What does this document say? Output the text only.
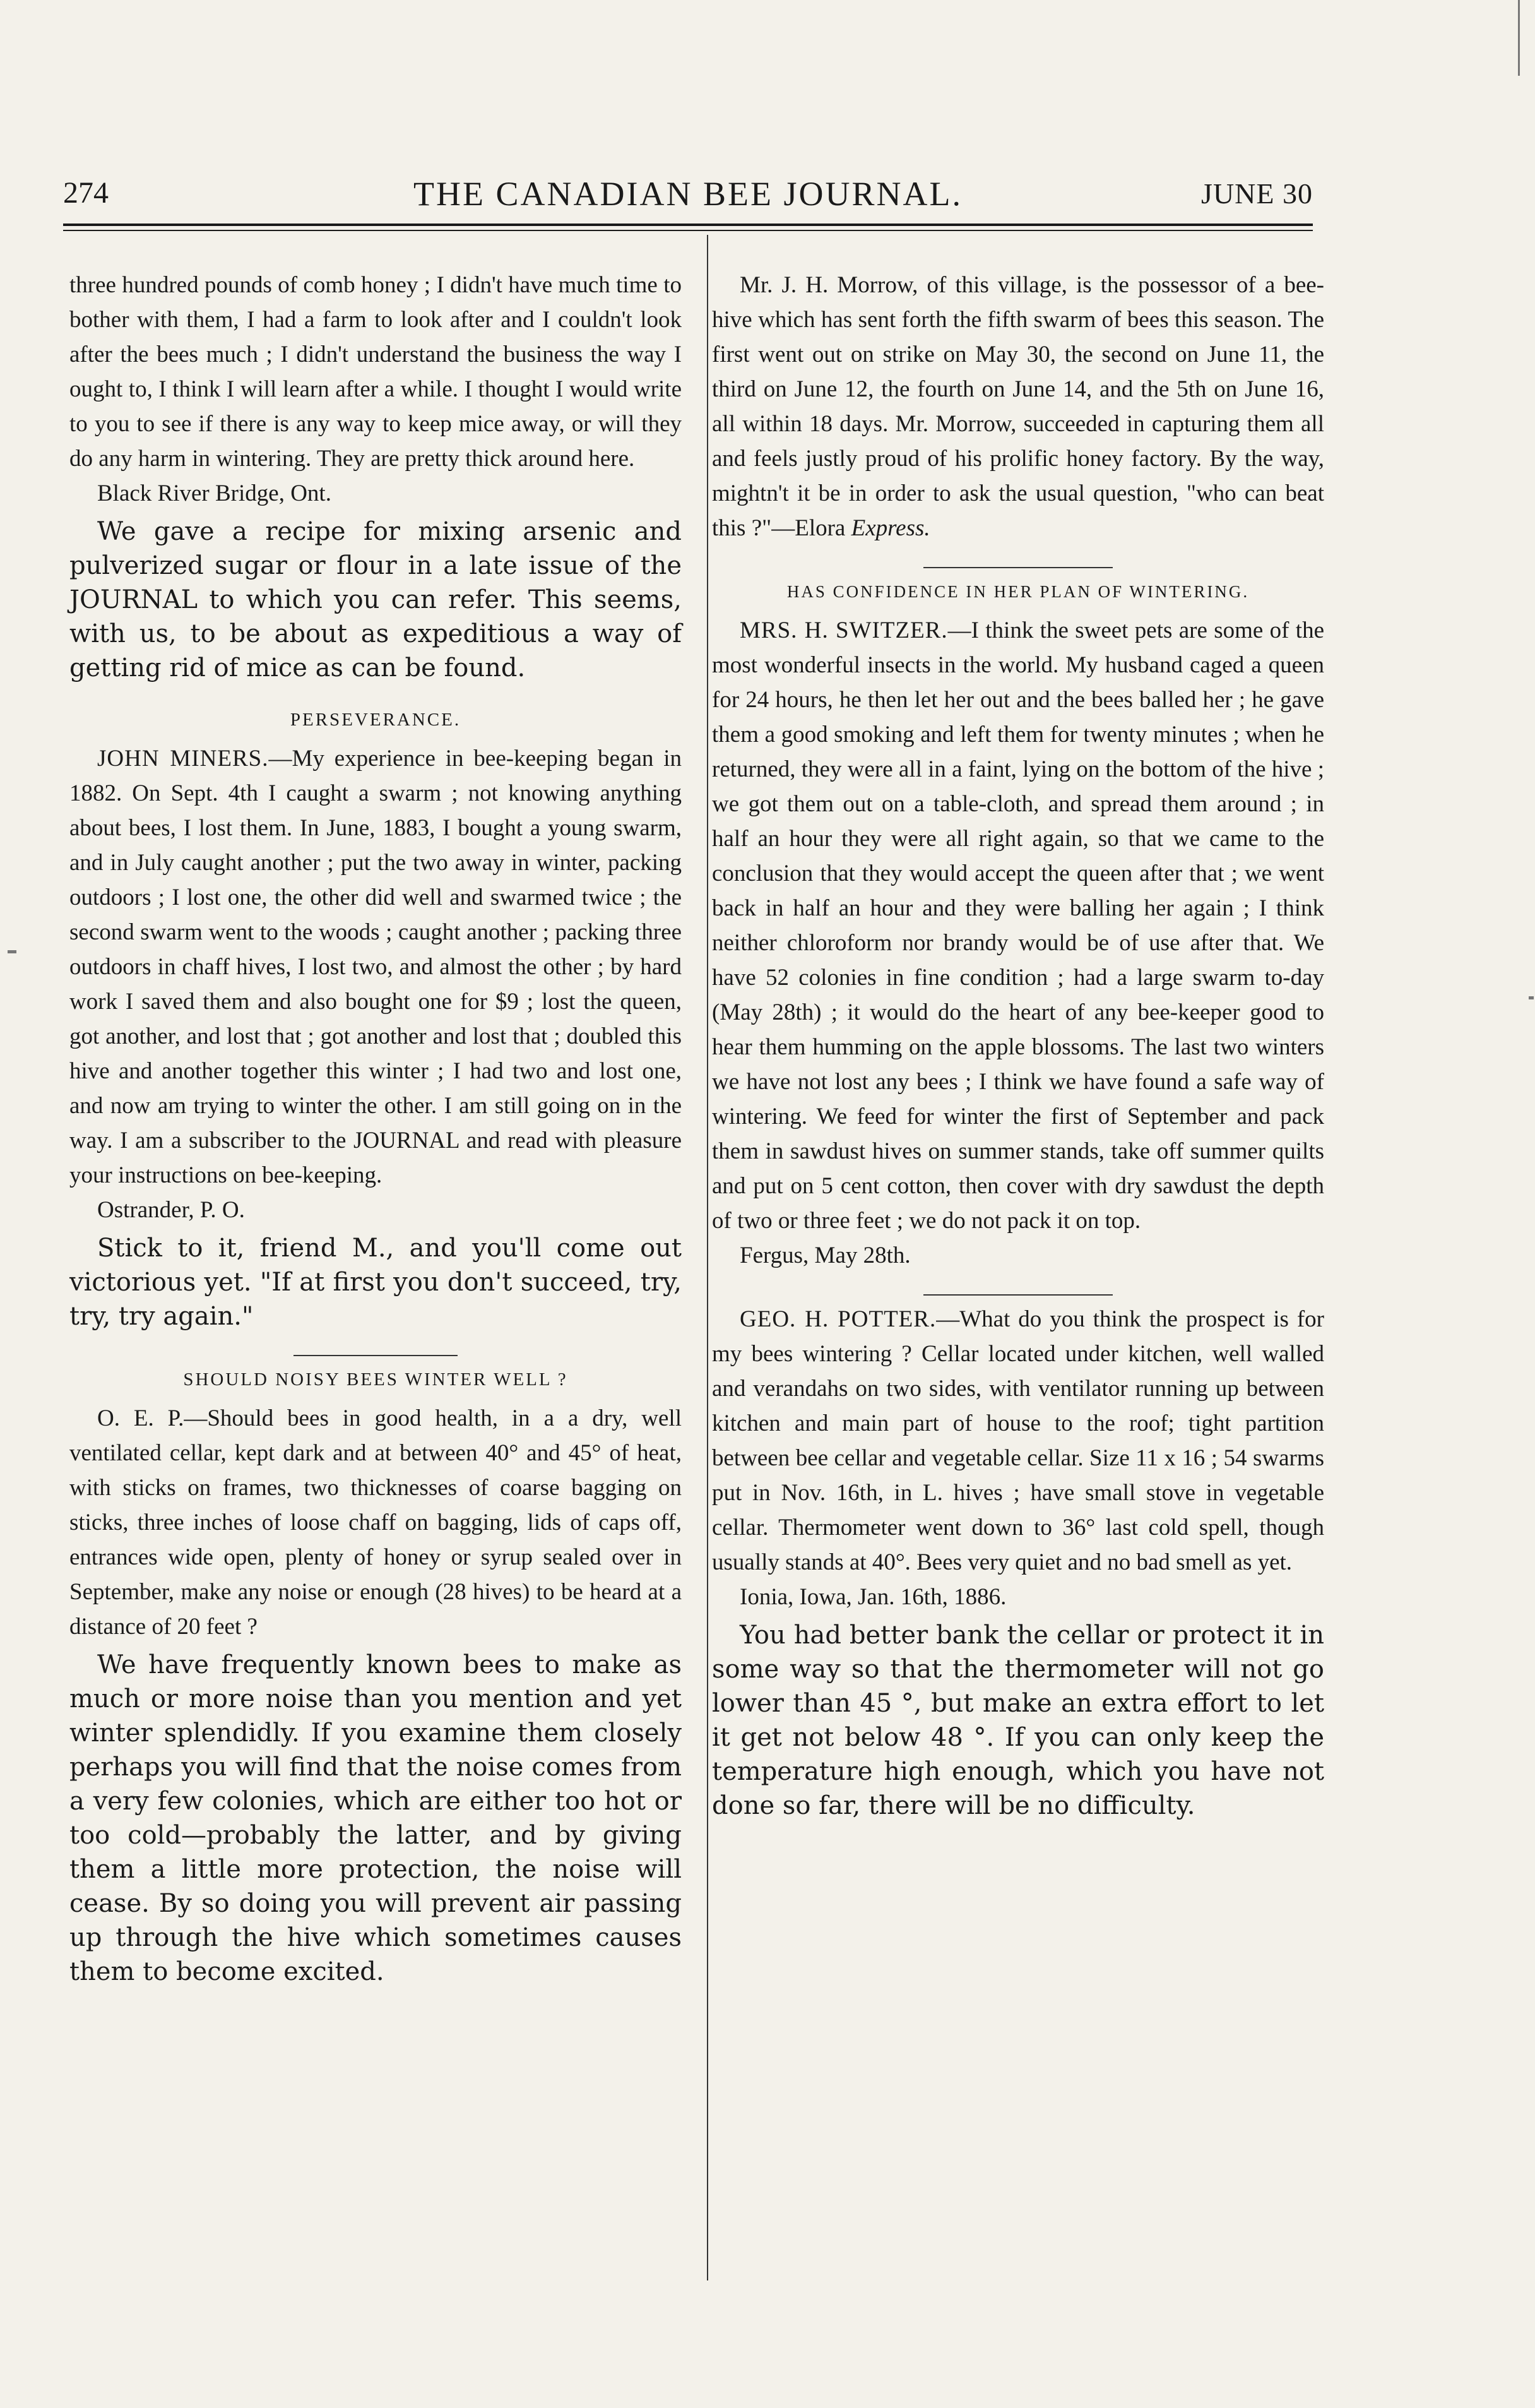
274	THE CANADIAN BEE JOURNAL.	JUNE 30

three hundred pounds of comb honey ; I didn't have much time to bother with them, I had a farm to look after and I couldn't look after the bees much ; I didn't understand the business the way I ought to, I think I will learn after a while. I thought I would write to you to see if there is any way to keep mice away, or will they do any harm in wintering. They are pretty thick around here.

Black River Bridge, Ont.

We gave a recipe for mixing arsenic and pulverized sugar or flour in a late issue of the JOURNAL to which you can refer. This seems, with us, to be about as expeditious a way of getting rid of mice as can be found.

PERSEVERANCE.

JOHN MINERS.—My experience in bee-keeping began in 1882. On Sept. 4th I caught a swarm ; not knowing anything about bees, I lost them. In June, 1883, I bought a young swarm, and in July caught another ; put the two away in winter, packing outdoors ; I lost one, the other did well and swarmed twice ; the second swarm went to the woods ; caught another ; packing three outdoors in chaff hives, I lost two, and almost the other ; by hard work I saved them and also bought one for $9 ; lost the queen, got another, and lost that ; got another and lost that ; doubled this hive and another together this winter ; I had two and lost one, and now am trying to winter the other. I am still going on in the way. I am a subscriber to the JOURNAL and read with pleasure your instructions on bee-keeping.

Ostrander, P. O.

Stick to it, friend M., and you'll come out victorious yet. "If at first you don't succeed, try, try, try again."

SHOULD NOISY BEES WINTER WELL ?

O. E. P.—Should bees in good health, in a a dry, well ventilated cellar, kept dark and at between 40° and 45° of heat, with sticks on frames, two thicknesses of coarse bagging on sticks, three inches of loose chaff on bagging, lids of caps off, entrances wide open, plenty of honey or syrup sealed over in September, make any noise or enough (28 hives) to be heard at a distance of 20 feet ?

We have frequently known bees to make as much or more noise than you mention and yet winter splendidly. If you examine them closely perhaps you will find that the noise comes from a very few colonies, which are either too hot or too cold—probably the latter, and by giving them a little more protection, the noise will cease. By so doing you will prevent air passing up through the hive which sometimes causes them to become excited.

Mr. J. H. Morrow, of this village, is the possessor of a bee-hive which has sent forth the fifth swarm of bees this season. The first went out on strike on May 30, the second on June 11, the third on June 12, the fourth on June 14, and the 5th on June 16, all within 18 days. Mr. Morrow, succeeded in capturing them all and feels justly proud of his prolific honey factory. By the way, mightn't it be in order to ask the usual question, "who can beat this ?"—Elora Express.

HAS CONFIDENCE IN HER PLAN OF WINTERING.

MRS. H. SWITZER.—I think the sweet pets are some of the most wonderful insects in the world. My husband caged a queen for 24 hours, he then let her out and the bees balled her ; he gave them a good smoking and left them for twenty minutes ; when he returned, they were all in a faint, lying on the bottom of the hive ; we got them out on a table-cloth, and spread them around ; in half an hour they were all right again, so that we came to the conclusion that they would accept the queen after that ; we went back in half an hour and they were balling her again ; I think neither chloroform nor brandy would be of use after that. We have 52 colonies in fine condition ; had a large swarm to-day (May 28th) ; it would do the heart of any bee-keeper good to hear them humming on the apple blossoms. The last two winters we have not lost any bees ; I think we have found a safe way of wintering. We feed for winter the first of September and pack them in sawdust hives on summer stands, take off summer quilts and put on 5 cent cotton, then cover with dry sawdust the depth of two or three feet ; we do not pack it on top.

Fergus, May 28th.

GEO. H. POTTER.—What do you think the prospect is for my bees wintering ? Cellar located under kitchen, well walled and verandahs on two sides, with ventilator running up between kitchen and main part of house to the roof; tight partition between bee cellar and vegetable cellar. Size 11 x 16 ; 54 swarms put in Nov. 16th, in L. hives ; have small stove in vegetable cellar. Thermometer went down to 36° last cold spell, though usually stands at 40°. Bees very quiet and no bad smell as yet.

Ionia, Iowa, Jan. 16th, 1886.

You had better bank the cellar or protect it in some way so that the thermometer will not go lower than 45 °, but make an extra effort to let it get not below 48 °. If you can only keep the temperature high enough, which you have not done so far, there will be no difficulty.
